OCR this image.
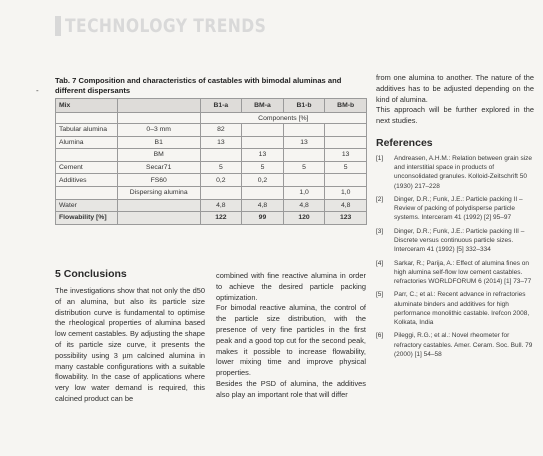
TECHNOLOGY TRENDS
-
Tab. 7 Composition and characteristics of castables with bimodal aluminas and different dispersants
Mix		B1-a	BM-a	B1-b	BM-b
		Components [%]			
Tabular alumina	0–3 mm	82			
Alumina	B1	13		13	
	BM		13		13
Cement	Secar71	5	5	5	5
Additives	FS60	0,2	0,2		
	Dispersing alumina			1,0	1,0
Water		4,8	4,8	4,8	4,8
Flowability [%]		122	99	120	123
5 Conclusions

The investigations show that not only the d50 of an alumina, but also its particle size distribution curve is fundamental to optimise the rheological properties of alumina based low cement castables. By adjusting the shape of its particle size curve, it presents the possibility using 3 µm calcined alumina in many castable configurations with a suitable flowability. In the case of applications where very low water demand is required, this calcined product can be

combined with fine reactive alumina in order to achieve the desired particle packing optimization.

For bimodal reactive alumina, the control of the particle size distribution, with the presence of very fine particles in the first peak and a good top cut for the second peak, makes it possible to increase flowability, lower mixing time and improve physical properties.

Besides the PSD of alumina, the additives also play an important role that will differ

from one alumina to another. The nature of the additives has to be adjusted depending on the kind of alumina.

This approach will be further explored in the next studies.

References
[1]	Andreasen, A.H.M.: Relation between grain size and interstitial space in products of unconsolidated granules. Kolloid-Zeitschrift 50 (1930) 217–228
[2]	Dinger, D.R.; Funk, J.E.: Particle packing II – Review of packing of polydisperse particle systems. Interceram 41 (1992) [2] 95–97
[3]	Dinger, D.R.; Funk, J.E.: Particle packing III – Discrete versus continuous particle sizes. Interceram 41 (1992) [5] 332–334
[4]	Sarkar, R.; Parija, A.: Effect of alumina fines on high alumina self-flow low cement castables. refractories WORLDFORUM 6 (2014) [1] 73–77
[5]	Parr, C.; et al.: Recent advance in refractories aluminate binders and additives for high performance monolithic castable. Irefcon 2008, Kolkata, India
[6]	Pileggi, R.G.; et al.: Novel rheometer for refractory castables. Amer. Ceram. Soc. Bull. 79 (2000) [1] 54–58
